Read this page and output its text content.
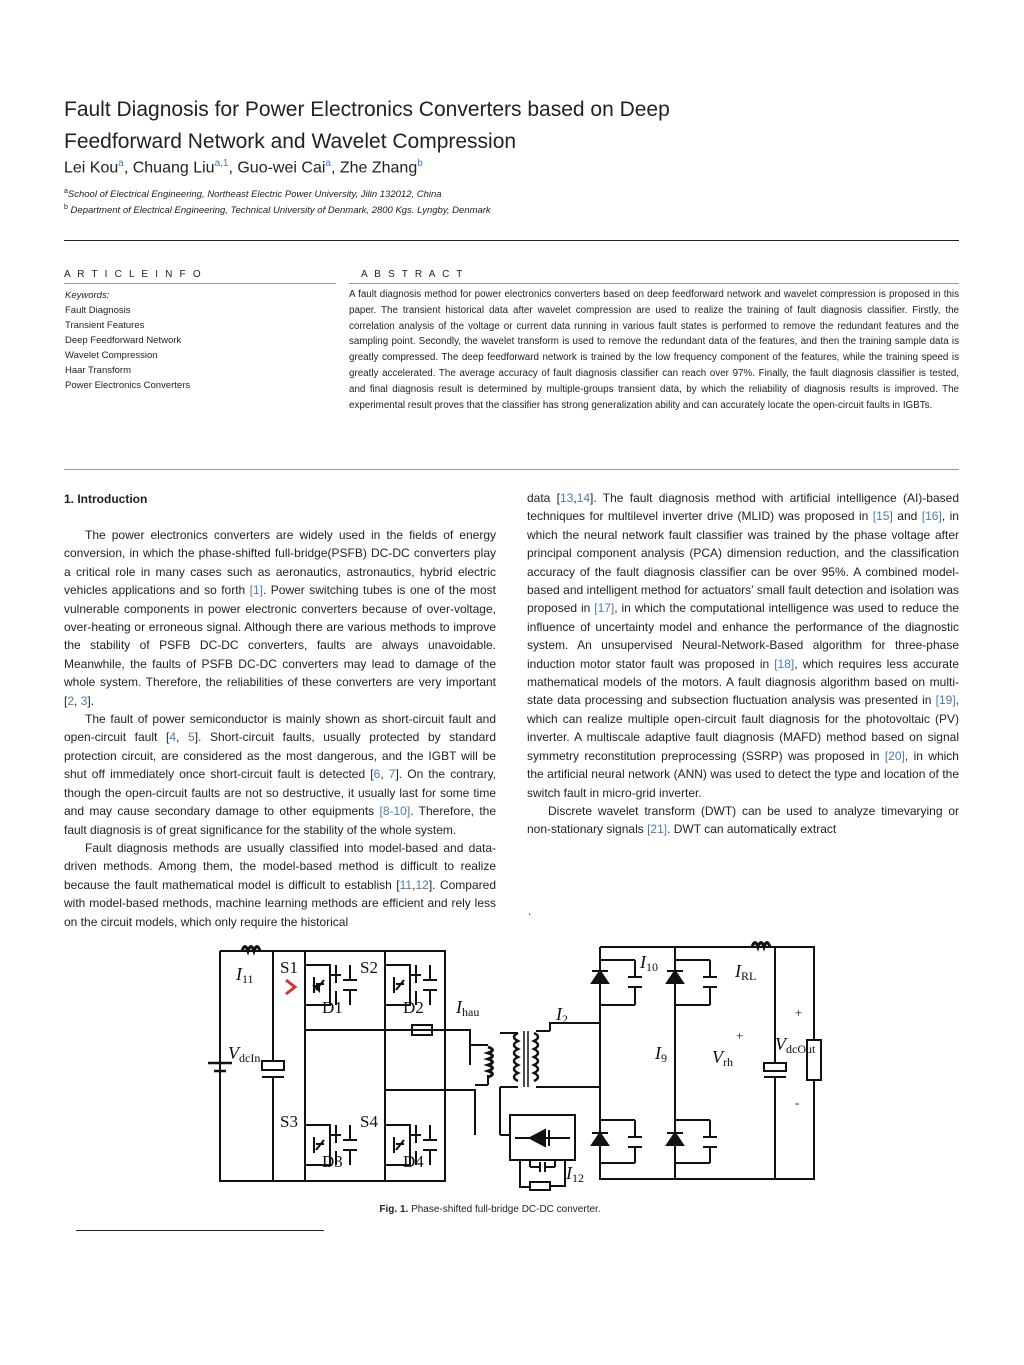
Fault Diagnosis for Power Electronics Converters based on Deep
Feedforward Network and Wavelet Compression
Lei Kou$^a$, Chuang Liu$^{a,1}$, Guo-wei Cai$^a$, Zhe Zhang$^b$
$^a$School of Electrical Engineering, Northeast Electric Power University, Jilin 132012, China
$^b$ Department of Electrical Engineering, Technical University of Denmark, 2800 Kgs. Lyngby, Denmark
A R T I C L E I N F O
Keywords:
Fault Diagnosis
Transient Features
Deep Feedforward Network
Wavelet Compression
Haar Transform
Power Electronics Converters
A B S T R A C T
A fault diagnosis method for power electronics converters based on deep feedforward network and wavelet compression is proposed in this paper. The transient historical data after wavelet compression are used to realize the training of fault diagnosis classifier. Firstly, the correlation analysis of the voltage or current data running in various fault states is performed to remove the redundant features and the sampling point. Secondly, the wavelet transform is used to remove the redundant data of the features, and then the training sample data is greatly compressed. The deep feedforward network is trained by the low frequency component of the features, while the training speed is greatly accelerated. The average accuracy of fault diagnosis classifier can reach over 97%. Finally, the fault diagnosis classifier is tested, and final diagnosis result is determined by multiple-groups transient data, by which the reliability of diagnosis results is improved. The experimental result proves that the classifier has strong generalization ability and can accurately locate the open-circuit faults in IGBTs.
1. Introduction

The power electronics converters are widely used in the fields of energy conversion, in which the phase-shifted full-bridge(PSFB) DC-DC converters play a critical role in many cases such as aeronautics, astronautics, hybrid electric vehicles applications and so forth [1]. Power switching tubes is one of the most vulnerable components in power electronic converters because of over-voltage, over-heating or erroneous signal. Although there are various methods to improve the stability of PSFB DC-DC converters, faults are always unavoidable. Meanwhile, the faults of PSFB DC-DC converters may lead to damage of the whole system. Therefore, the reliabilities of these converters are very important [2, 3].

The fault of power semiconductor is mainly shown as short-circuit fault and open-circuit fault [4, 5]. Short-circuit faults, usually protected by standard protection circuit, are considered as the most dangerous, and the IGBT will be shut off immediately once short-circuit fault is detected [6, 7]. On the contrary, though the open-circuit faults are not so destructive, it usually last for some time and may cause secondary damage to other equipments [8-10]. Therefore, the fault diagnosis is of great significance for the stability of the whole system.

Fault diagnosis methods are usually classified into model-based and data-driven methods. Among them, the model-based method is difficult to realize because the fault mathematical model is difficult to establish [11,12]. Compared with model-based methods, machine learning methods are efficient and rely less on the circuit models, which only require the historical

data [13,14]. The fault diagnosis method with artificial intelligence (AI)-based techniques for multilevel inverter drive (MLID) was proposed in [15] and [16], in which the neural network fault classifier was trained by the phase voltage after principal component analysis (PCA) dimension reduction, and the classification accuracy of the fault diagnosis classifier can be over 95%. A combined model-based and intelligent method for actuators’ small fault detection and isolation was proposed in [17], in which the computational intelligence was used to reduce the influence of uncertainty model and enhance the performance of the diagnostic system. An unsupervised Neural-Network-Based algorithm for three-phase induction motor stator fault was proposed in [18], which requires less accurate mathematical models of the motors. A fault diagnosis algorithm based on multi-state data processing and subsection fluctuation analysis was presented in [19], which can realize multiple open-circuit fault diagnosis for the photovoltaic (PV) inverter. A multiscale adaptive fault diagnosis (MAFD) method based on signal symmetry reconstitution preprocessing (SSRP) was proposed in [20], in which the artificial neural network (ANN) was used to detect the type and location of the switch fault in micro-grid inverter.

Discrete wavelet transform (DWT) can be used to analyze timevarying or non-stationary signals [21]. DWT can automatically extract

.
I11
VdcIn
Ihau	I2
I10	IRL
I9	Vrh
VdcOut
I12
S1	S2
S3	S4
D1	D2
D3	D4
+
+
-
Fig. 1. Phase-shifted full-bridge DC-DC converter.
